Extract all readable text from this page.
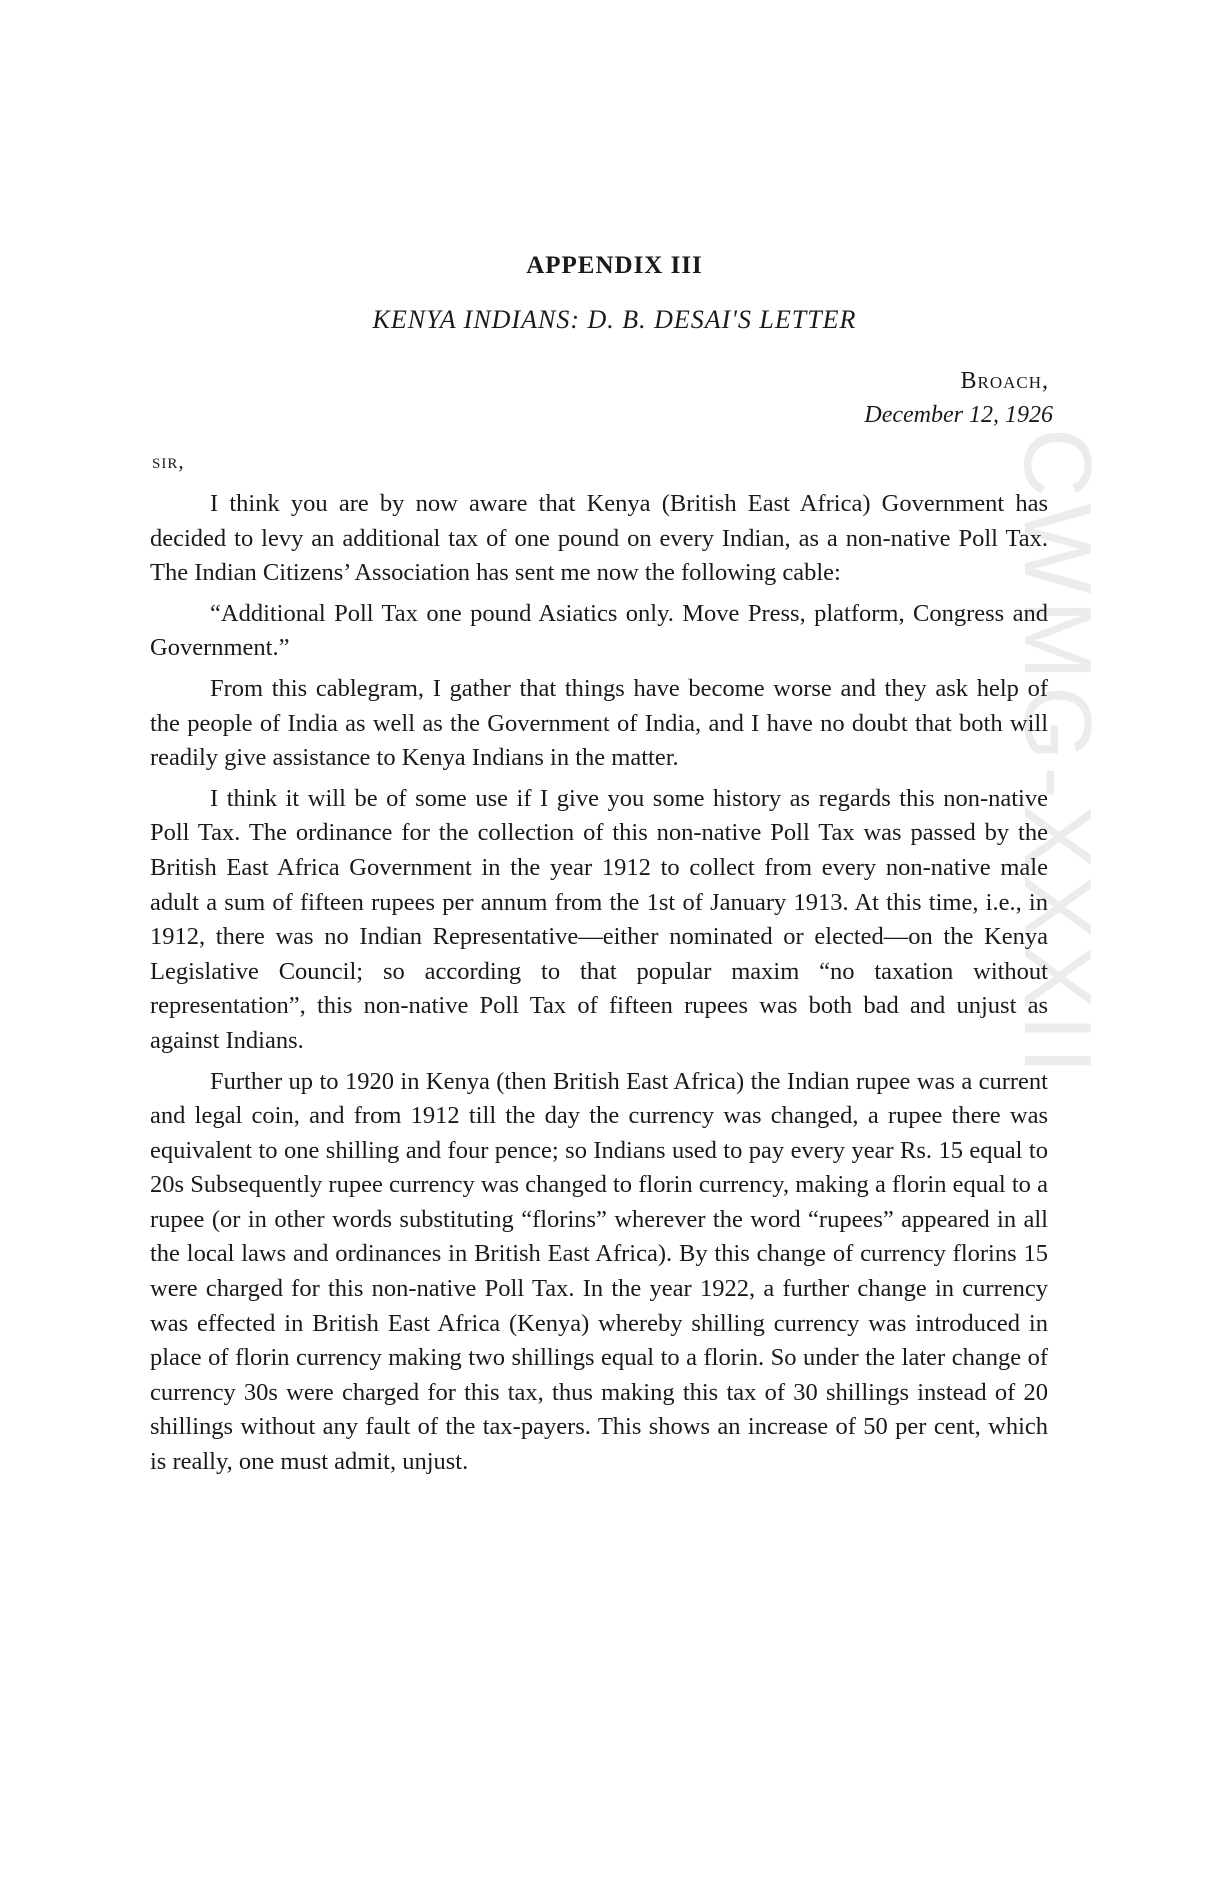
CWMG-XXXII
APPENDIX III
KENYA INDIANS: D. B. DESAI'S LETTER
Broach,
December 12, 1926
sir,

I think you are by now aware that Kenya (British East Africa) Government has decided to levy an additional tax of one pound on every Indian, as a non-native Poll Tax. The Indian Citizens’ Association has sent me now the following cable:

“Additional Poll Tax one pound Asiatics only. Move Press, platform, Congress and Government.”

From this cablegram, I gather that things have become worse and they ask help of the people of India as well as the Government of India, and I have no doubt that both will readily give assistance to Kenya Indians in the matter.

I think it will be of some use if I give you some history as regards this non-native Poll Tax. The ordinance for the collection of this non-native Poll Tax was passed by the British East Africa Government in the year 1912 to collect from every non-native male adult a sum of fifteen rupees per annum from the 1st of January 1913. At this time, i.e., in 1912, there was no Indian Representative—either nominated or elected—on the Kenya Legislative Council; so according to that popular maxim “no taxation without representation”, this non-native Poll Tax of fifteen rupees was both bad and unjust as against Indians.

Further up to 1920 in Kenya (then British East Africa) the Indian rupee was a current and legal coin, and from 1912 till the day the currency was changed, a rupee there was equivalent to one shilling and four pence; so Indians used to pay every year Rs. 15 equal to 20s Subsequently rupee currency was changed to florin currency, making a florin equal to a rupee (or in other words substituting “florins” wherever the word “rupees” appeared in all the local laws and ordinances in British East Africa). By this change of currency florins 15 were charged for this non-native Poll Tax. In the year 1922, a further change in currency was effected in British East Africa (Kenya) whereby shilling currency was introduced in place of florin currency making two shillings equal to a florin. So under the later change of currency 30s were charged for this tax, thus making this tax of 30 shillings instead of 20 shillings without any fault of the tax-payers. This shows an increase of 50 per cent, which is really, one must admit, unjust.
